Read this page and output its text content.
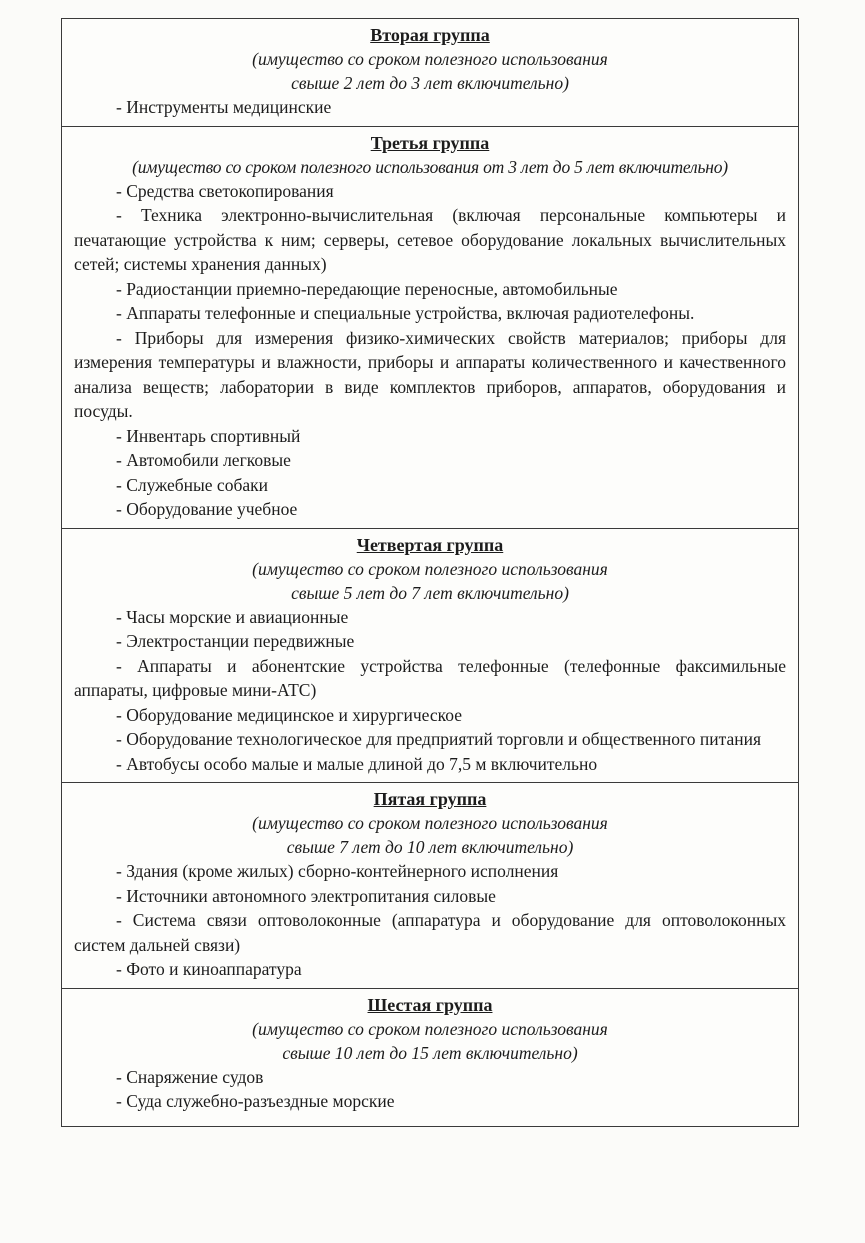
Вторая группа

(имущество со сроком полезного использования

свыше 2 лет до 3 лет включительно)

- Инструменты медицинские

Третья группа

(имущество со сроком полезного использования от 3 лет до 5 лет включительно)

- Средства светокопирования

- Техника электронно-вычислительная (включая персональные компьютеры и печатающие устройства к ним; серверы, сетевое оборудование локальных вычислительных сетей; системы хранения данных)

- Радиостанции приемно-передающие переносные, автомобильные

- Аппараты телефонные и специальные устройства, включая радиотелефоны.

- Приборы для измерения физико-химических свойств материалов; приборы для измерения температуры и влажности, приборы и аппараты количественного и качественного анализа веществ; лаборатории в виде комплектов приборов, аппаратов, оборудования и посуды.

- Инвентарь спортивный

- Автомобили легковые

- Служебные собаки

- Оборудование учебное

Четвертая группа

(имущество со сроком полезного использования

свыше 5 лет до 7 лет включительно)

- Часы морские и авиационные

- Электростанции передвижные

- Аппараты и абонентские устройства телефонные (телефонные факсимильные аппараты, цифровые мини-АТС)

- Оборудование медицинское и хирургическое

- Оборудование технологическое для предприятий торговли и общественного питания

- Автобусы особо малые и малые длиной до 7,5 м включительно

Пятая группа

(имущество со сроком полезного использования

свыше 7 лет до 10 лет включительно)

- Здания (кроме жилых) сборно-контейнерного исполнения

- Источники автономного электропитания силовые

- Система связи оптоволоконные (аппаратура и оборудование для оптоволоконных систем дальней связи)

- Фото и киноаппаратура

Шестая группа

(имущество со сроком полезного использования

свыше 10 лет до 15 лет включительно)

- Снаряжение судов

- Суда служебно-разъездные морские
